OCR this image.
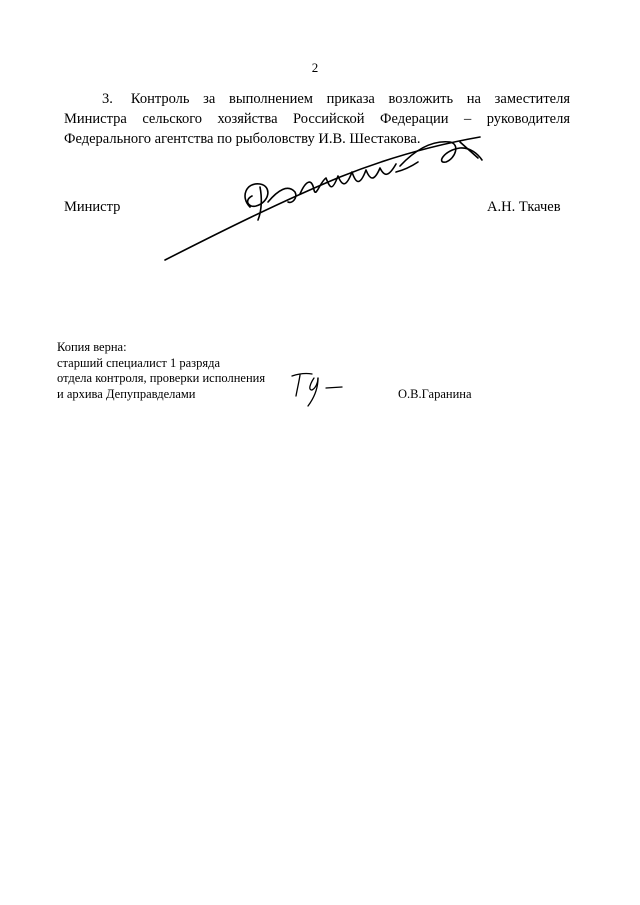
2
3. Контроль за выполнением приказа возложить на заместителя
Министра сельского хозяйства Российской Федерации – руководителя
Федерального агентства по рыболовству И.В. Шестакова.
Министр	А.Н. Ткачев
Копия верна:
старший специалист 1 разряда
отдела контроля, проверки исполнения
и архива Депуправделами	О.В.Гаранина
